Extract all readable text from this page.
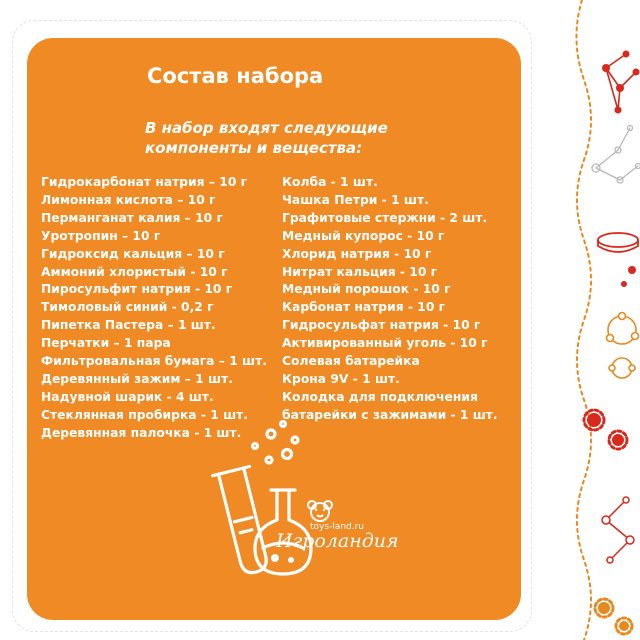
Состав набора
В набор входят следующие
компоненты и вещества:
Гидрокарбонат натрия – 10 г
Лимонная кислота – 10 г
Перманганат калия – 10 г
Уротропин – 10 г
Гидроксид кальция – 10 г
Аммоний хлористый - 10 г
Пиросульфит натрия - 10 г
Тимоловый синий - 0,2 г
Пипетка Пастера – 1 шт.
Перчатки – 1 пара
Фильтровальная бумага – 1 шт.
Деревянный зажим – 1 шт.
Надувной шарик - 4 шт.
Стеклянная пробирка - 1 шт.
Деревянная палочка - 1 шт.
Колба - 1 шт.
Чашка Петри - 1 шт.
Графитовые стержни - 2 шт.
Медный купорос - 10 г
Хлорид натрия - 10 г
Нитрат кальция - 10 г
Медный порошок - 10 г
Карбонат натрия - 10 г
Гидросульфат натрия - 10 г
Активированный уголь - 10 г
Солевая батарейка
Крона 9V - 1 шт.
Колодка для подключения
батарейки с зажимами - 1 шт.
toys-land.ru
Игроландия
